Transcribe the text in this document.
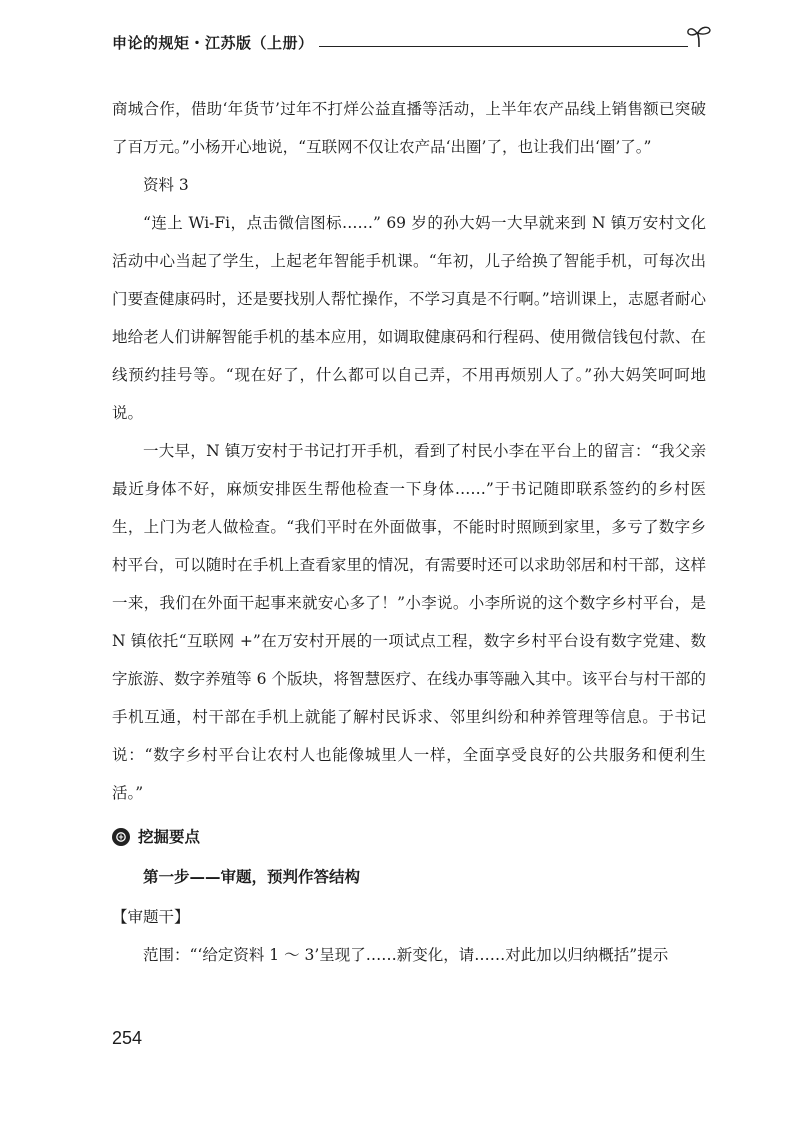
申论的规矩・江苏版（上册）

商城合作，借助‘年货节’过年不打烊公益直播等活动，上半年农产品线上销售额已突破了百万元。”小杨开心地说，“互联网不仅让农产品‘出圈’了，也让我们出‘圈’了。”

资料 3

“连上 Wi-Fi，点击微信图标……” 69 岁的孙大妈一大早就来到 N 镇万安村文化活动中心当起了学生，上起老年智能手机课。“年初，儿子给换了智能手机，可每次出门要查健康码时，还是要找别人帮忙操作，不学习真是不行啊。”培训课上，志愿者耐心地给老人们讲解智能手机的基本应用，如调取健康码和行程码、使用微信钱包付款、在线预约挂号等。“现在好了，什么都可以自己弄，不用再烦别人了。”孙大妈笑呵呵地说。

一大早，N 镇万安村于书记打开手机，看到了村民小李在平台上的留言：“我父亲最近身体不好，麻烦安排医生帮他检查一下身体……”于书记随即联系签约的乡村医生，上门为老人做检查。“我们平时在外面做事，不能时时照顾到家里，多亏了数字乡村平台，可以随时在手机上查看家里的情况，有需要时还可以求助邻居和村干部，这样一来，我们在外面干起事来就安心多了！”小李说。小李所说的这个数字乡村平台，是 N 镇依托“互联网 +”在万安村开展的一项试点工程，数字乡村平台设有数字党建、数字旅游、数字养殖等 6 个版块，将智慧医疗、在线办事等融入其中。该平台与村干部的手机互通，村干部在手机上就能了解村民诉求、邻里纠纷和种养管理等信息。于书记说：“数字乡村平台让农村人也能像城里人一样，全面享受良好的公共服务和便利生活。”

挖掘要点
第一步——审题，预判作答结构
【审题干】

范围：“‘给定资料 1 ～ 3’呈现了……新变化，请……对此加以归纳概括”提示

254
